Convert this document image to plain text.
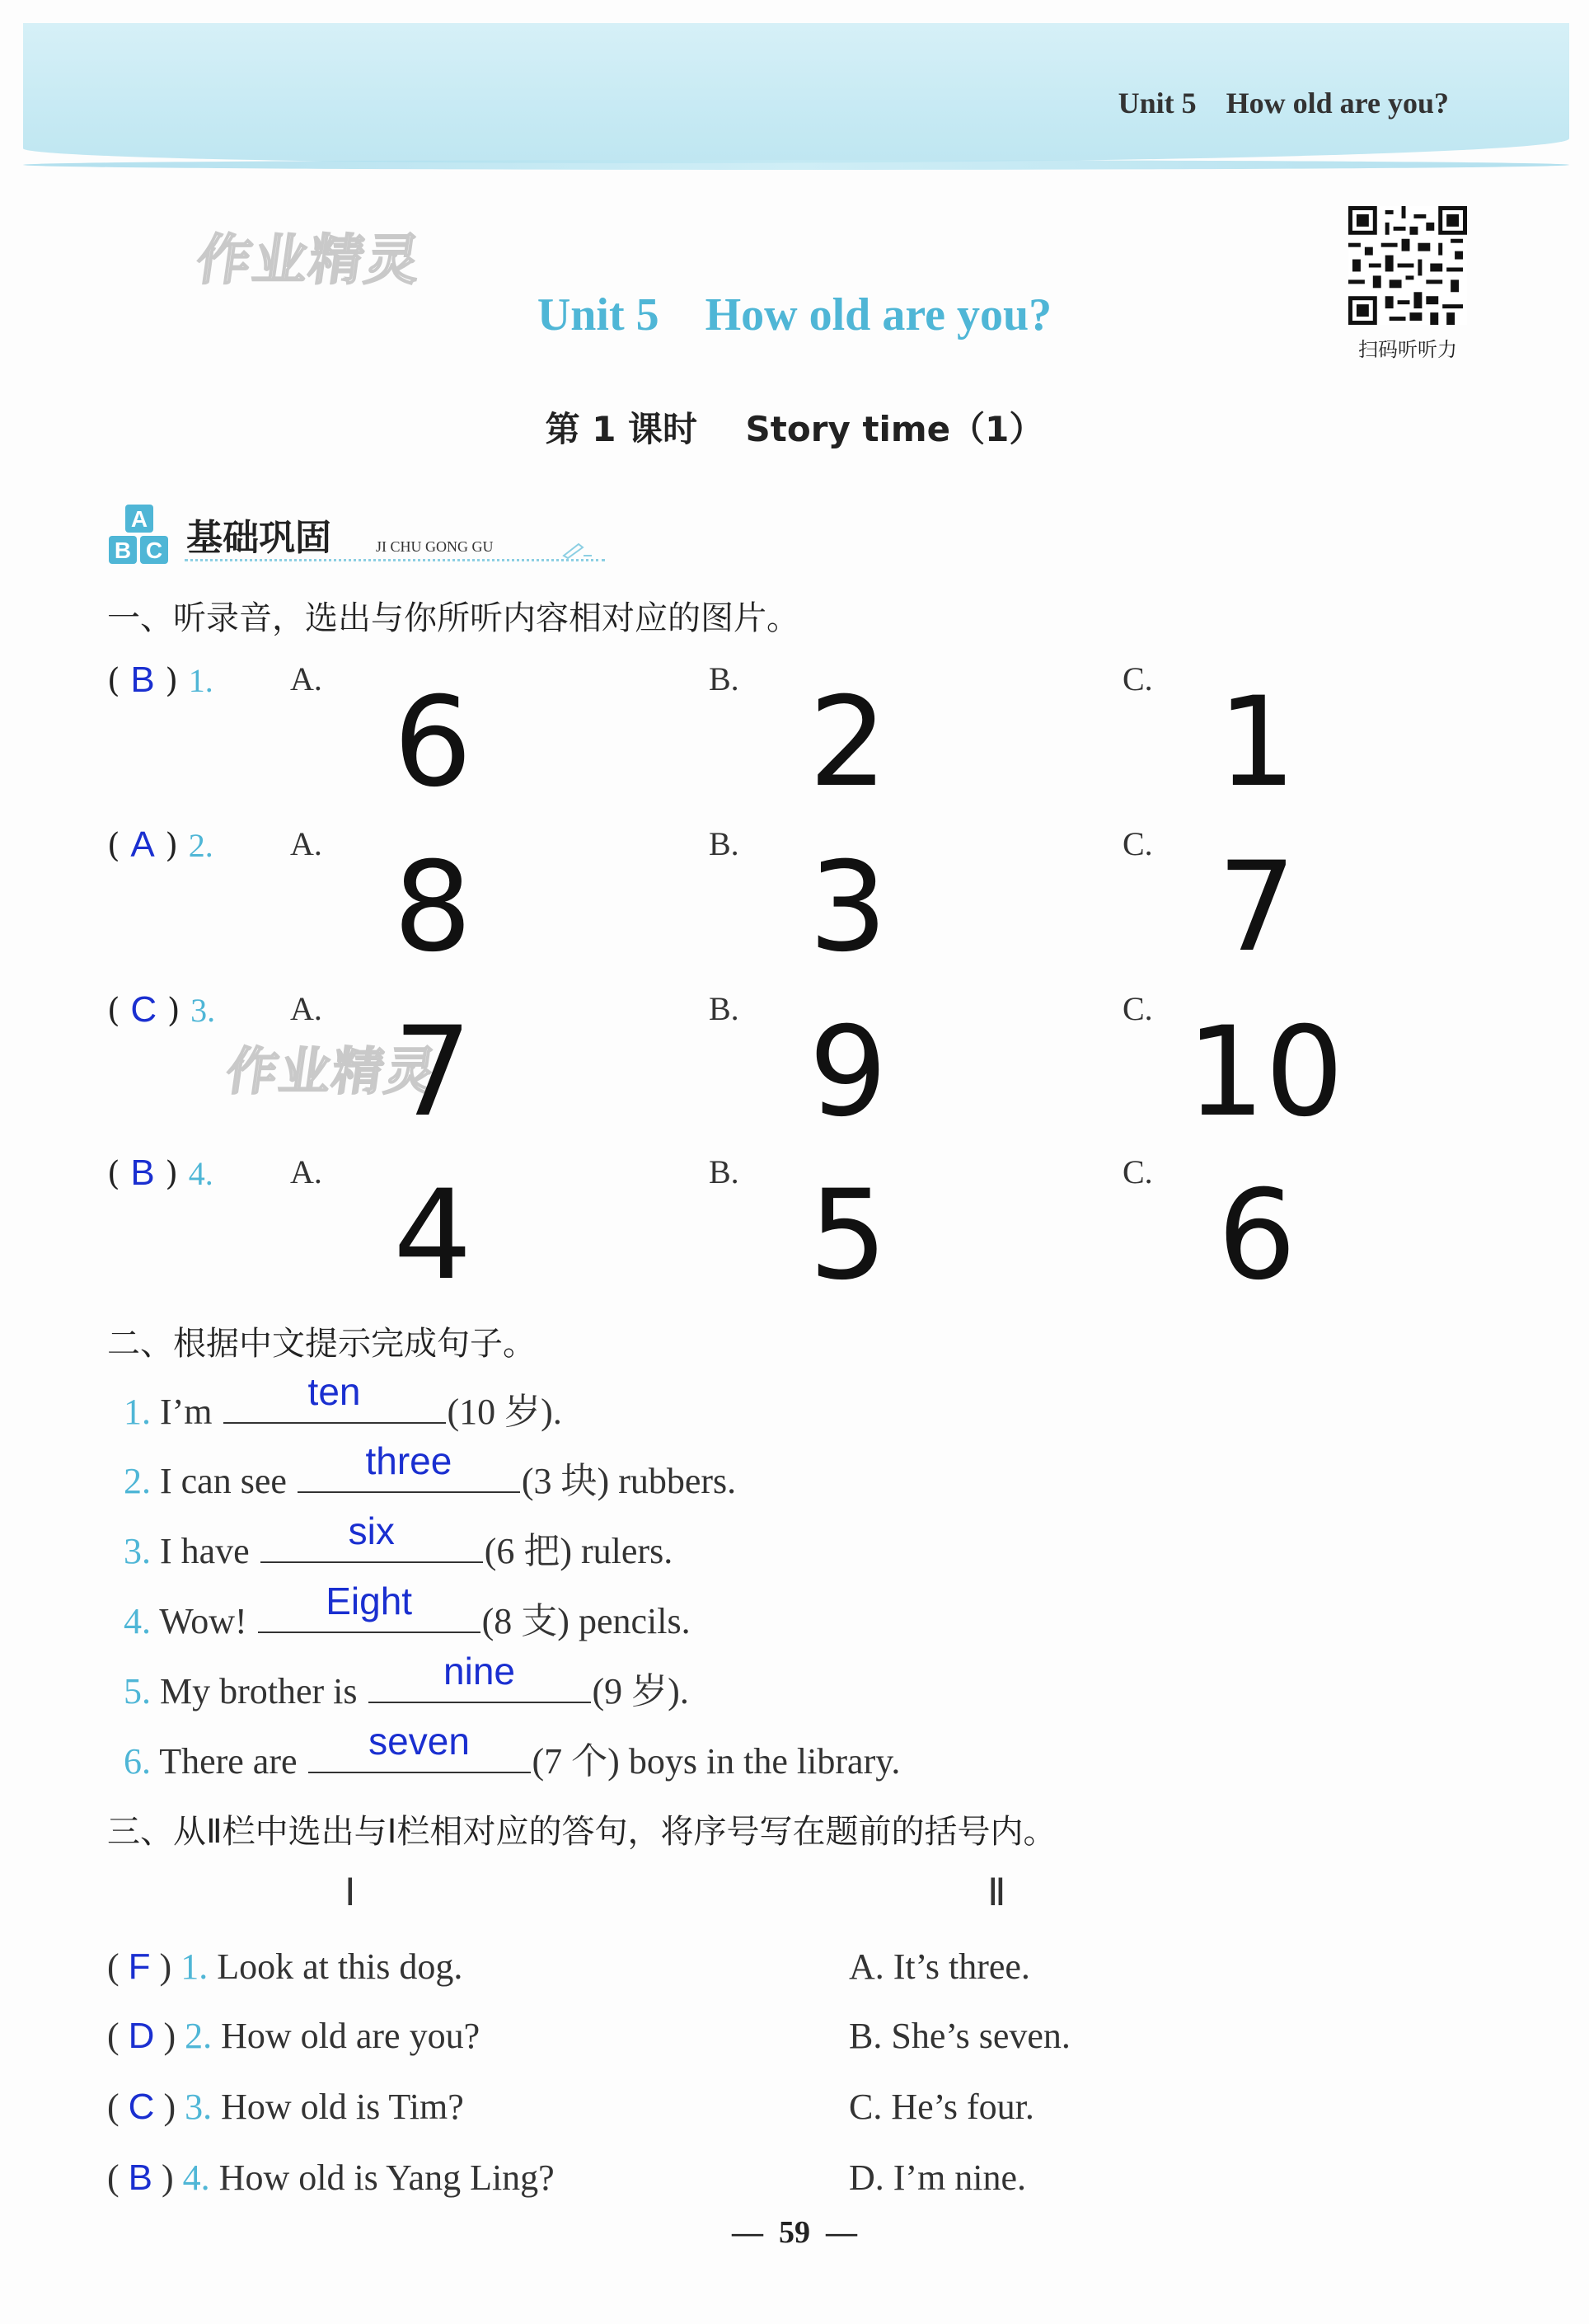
Unit 5    How old are you?
作业精灵
作业精灵
扫码听听力
Unit 5    How old are you?
第 1 课时    Story time（1）
A
B C 基础巩固	JI CHU GONG GU
一、听录音，选出与你所听内容相对应的图片。
( B ) 1. A. 6	B. 2	C. 1
( A ) 2. A. 8	B. 3	C. 7
( C ) 3. A. 7	B. 9	C. 10
( B ) 4. A. 4	B. 5	C. 6
二、根据中文提示完成句子。
1. I’m	ten	(10 岁).
2. I can see	three	(3 块) rubbers.
3. I have	six	(6 把) rulers.
4. Wow!	Eight	(8 支) pencils.
5. My brother is	nine	(9 岁).
6. There are	seven	(7 个) boys in the library.
三、从Ⅱ栏中选出与Ⅰ栏相对应的答句，将序号写在题前的括号内。
Ⅰ	Ⅱ
( F ) 1. Look at this dog.	A. It’s three.
( D ) 2. How old are you?	B. She’s seven.
( C ) 3. How old is Tim?	C. He’s four.
( B ) 4. How old is Yang Ling?	D. I’m nine.
—  59  —
